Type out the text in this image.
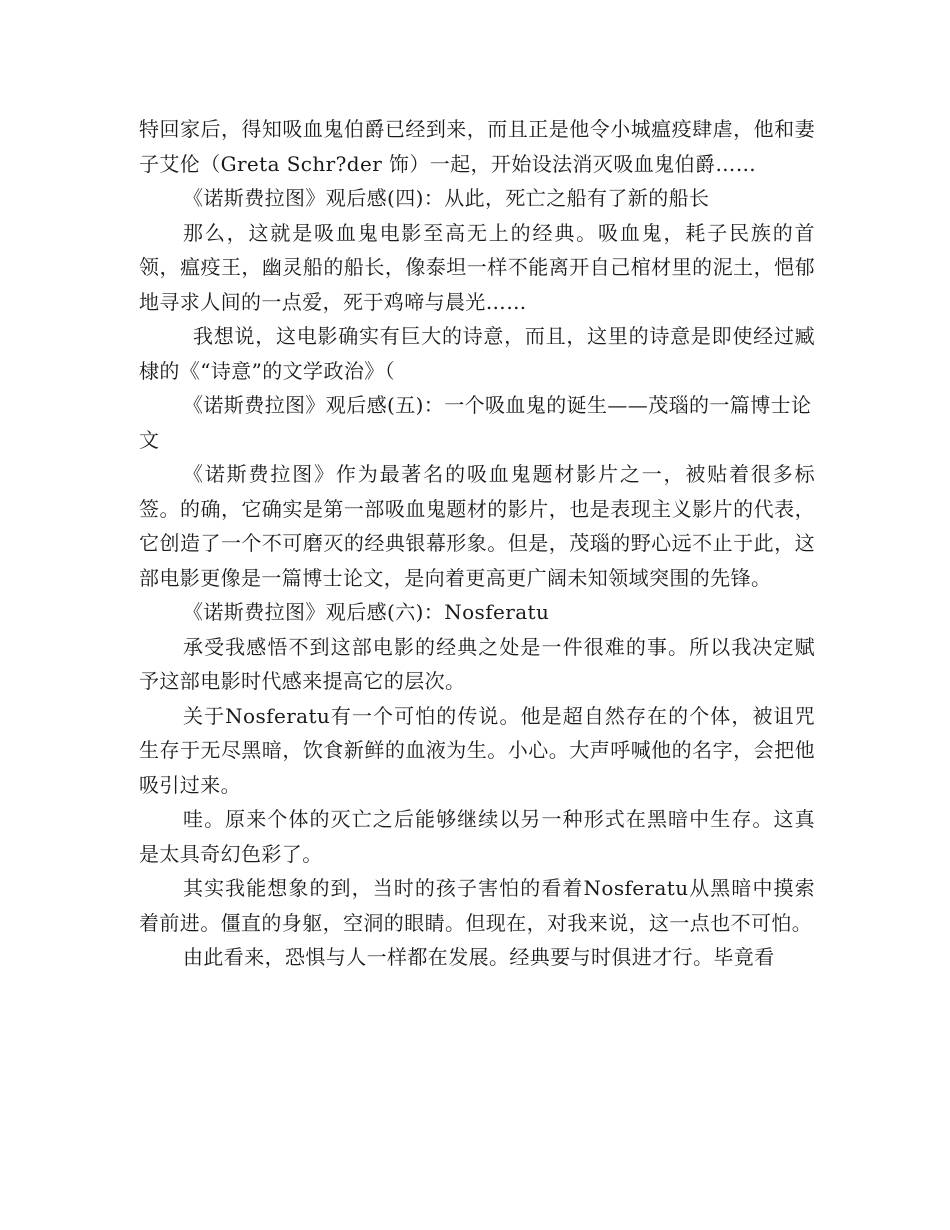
特回家后，得知吸血鬼伯爵已经到来，而且正是他令小城瘟疫肆虐，他和妻子艾伦（Greta Schr?der 饰）一起，开始设法消灭吸血鬼伯爵……

《诺斯费拉图》观后感(四)：从此，死亡之船有了新的船长

那么，这就是吸血鬼电影至高无上的经典。吸血鬼，耗子民族的首领，瘟疫王，幽灵船的船长，像泰坦一样不能离开自己棺材里的泥土，悒郁地寻求人间的一点爱，死于鸡啼与晨光……

我想说，这电影确实有巨大的诗意，而且，这里的诗意是即使经过臧棣的《“诗意”的文学政治》（

《诺斯费拉图》观后感(五)：一个吸血鬼的诞生——茂瑙的一篇博士论文

《诺斯费拉图》作为最著名的吸血鬼题材影片之一，被贴着很多标签。的确，它确实是第一部吸血鬼题材的影片，也是表现主义影片的代表，它创造了一个不可磨灭的经典银幕形象。但是，茂瑙的野心远不止于此，这部电影更像是一篇博士论文，是向着更高更广阔未知领域突围的先锋。

《诺斯费拉图》观后感(六)：Nosferatu

承受我感悟不到这部电影的经典之处是一件很难的事。所以我决定赋予这部电影时代感来提高它的层次。

关于Nosferatu有一个可怕的传说。他是超自然存在的个体，被诅咒生存于无尽黑暗，饮食新鲜的血液为生。小心。大声呼喊他的名字，会把他吸引过来。

哇。原来个体的灭亡之后能够继续以另一种形式在黑暗中生存。这真是太具奇幻色彩了。

其实我能想象的到，当时的孩子害怕的看着Nosferatu从黑暗中摸索着前进。僵直的身躯，空洞的眼睛。但现在，对我来说，这一点也不可怕。

由此看来，恐惧与人一样都在发展。经典要与时俱进才行。毕竟看
